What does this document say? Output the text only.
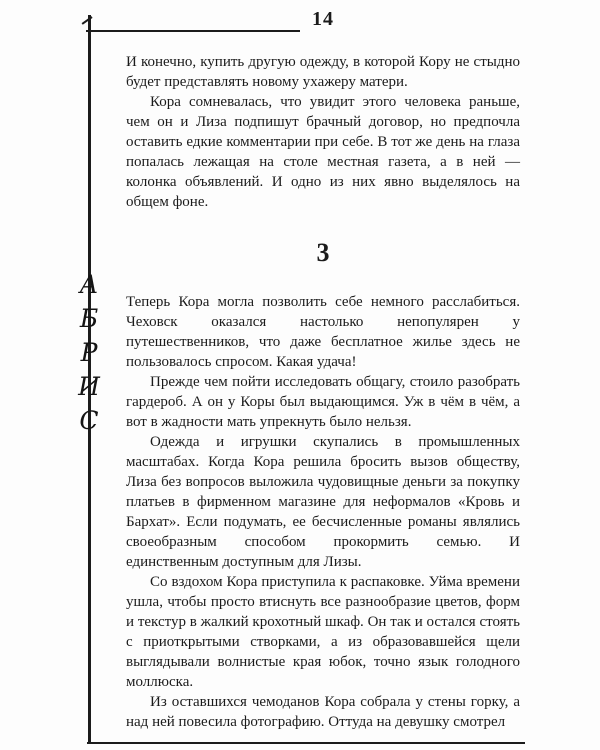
14
А
Б
Р
И
С

И конечно, купить другую одежду, в которой Кору не стыдно будет представлять новому ухажеру матери.

Кора сомневалась, что увидит этого человека раньше, чем он и Лиза подпишут брачный договор, но предпочла оставить едкие комментарии при себе. В тот же день на глаза попалась лежащая на столе местная газета, а в ней — колонка объявлений. И одно из них явно выделялось на общем фоне.

3

Теперь Кора могла позволить себе немного расслабиться. Чеховск оказался настолько непопулярен у путешественников, что даже бесплатное жилье здесь не пользовалось спросом. Какая удача!

Прежде чем пойти исследовать общагу, стоило разобрать гардероб. А он у Коры был выдающимся. Уж в чём в чём, а вот в жадности мать упрекнуть было нельзя.

Одежда и игрушки скупались в промышленных масштабах. Когда Кора решила бросить вызов обществу, Лиза без вопросов выложила чудовищные деньги за покупку платьев в фирменном магазине для неформалов «Кровь и Бархат». Если подумать, ее бесчисленные романы являлись своеобразным способом прокормить семью. И единственным доступным для Лизы.

Со вздохом Кора приступила к распаковке. Уйма времени ушла, чтобы просто втиснуть все разнообразие цветов, форм и текстур в жалкий крохотный шкаф. Он так и остался стоять с приоткрытыми створками, а из образовавшейся щели выглядывали волнистые края юбок, точно язык голодного моллюска.

Из оставшихся чемоданов Кора собрала у стены горку, а над ней повесила фотографию. Оттуда на девушку смотрел
